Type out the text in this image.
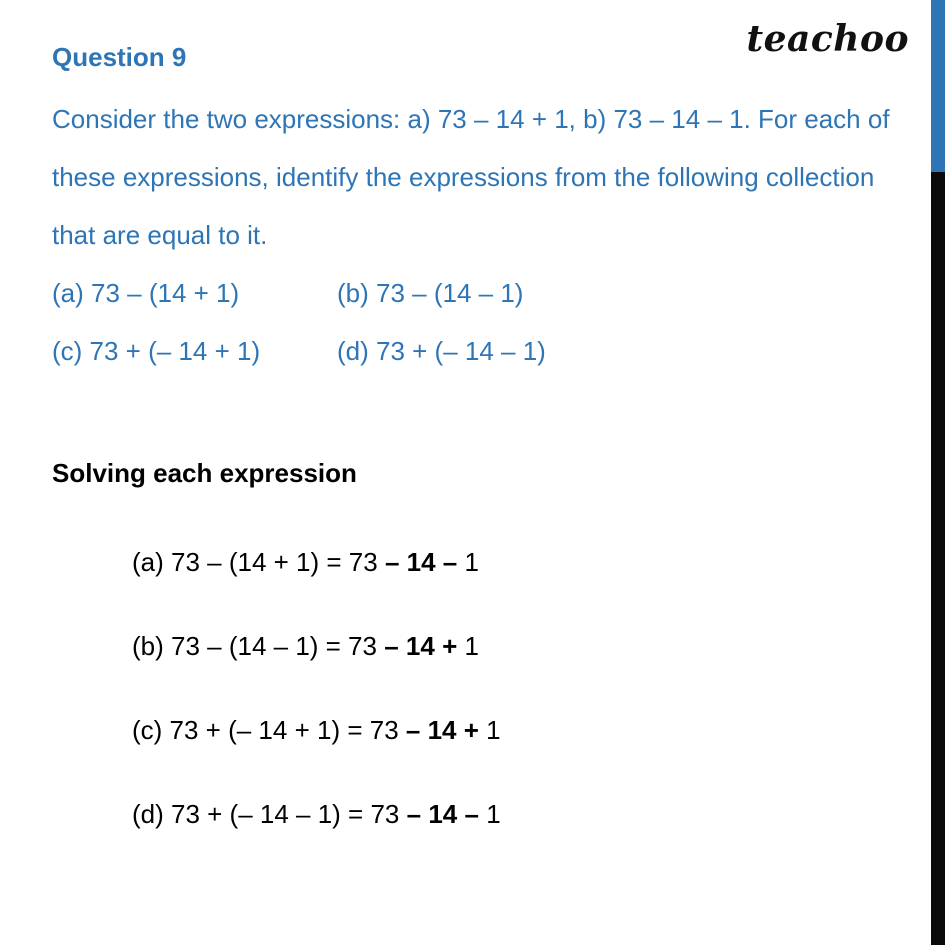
teachoo

Question 9

Consider the two expressions: a) 73 – 14 + 1, b) 73 – 14 – 1. For each of these expressions, identify the expressions from the following collection that are equal to it.

(a) 73 – (14 + 1)	(b) 73 – (14 – 1)
(c) 73 + (– 14 + 1)	(d) 73 + (– 14 – 1)

Solving each expression

(a) 73 – (14 + 1) = 73 – 14 – 1
(b) 73 – (14 – 1) = 73 – 14 + 1
(c) 73 + (– 14 + 1) = 73 – 14 + 1
(d) 73 + (– 14 – 1) = 73 – 14 – 1
